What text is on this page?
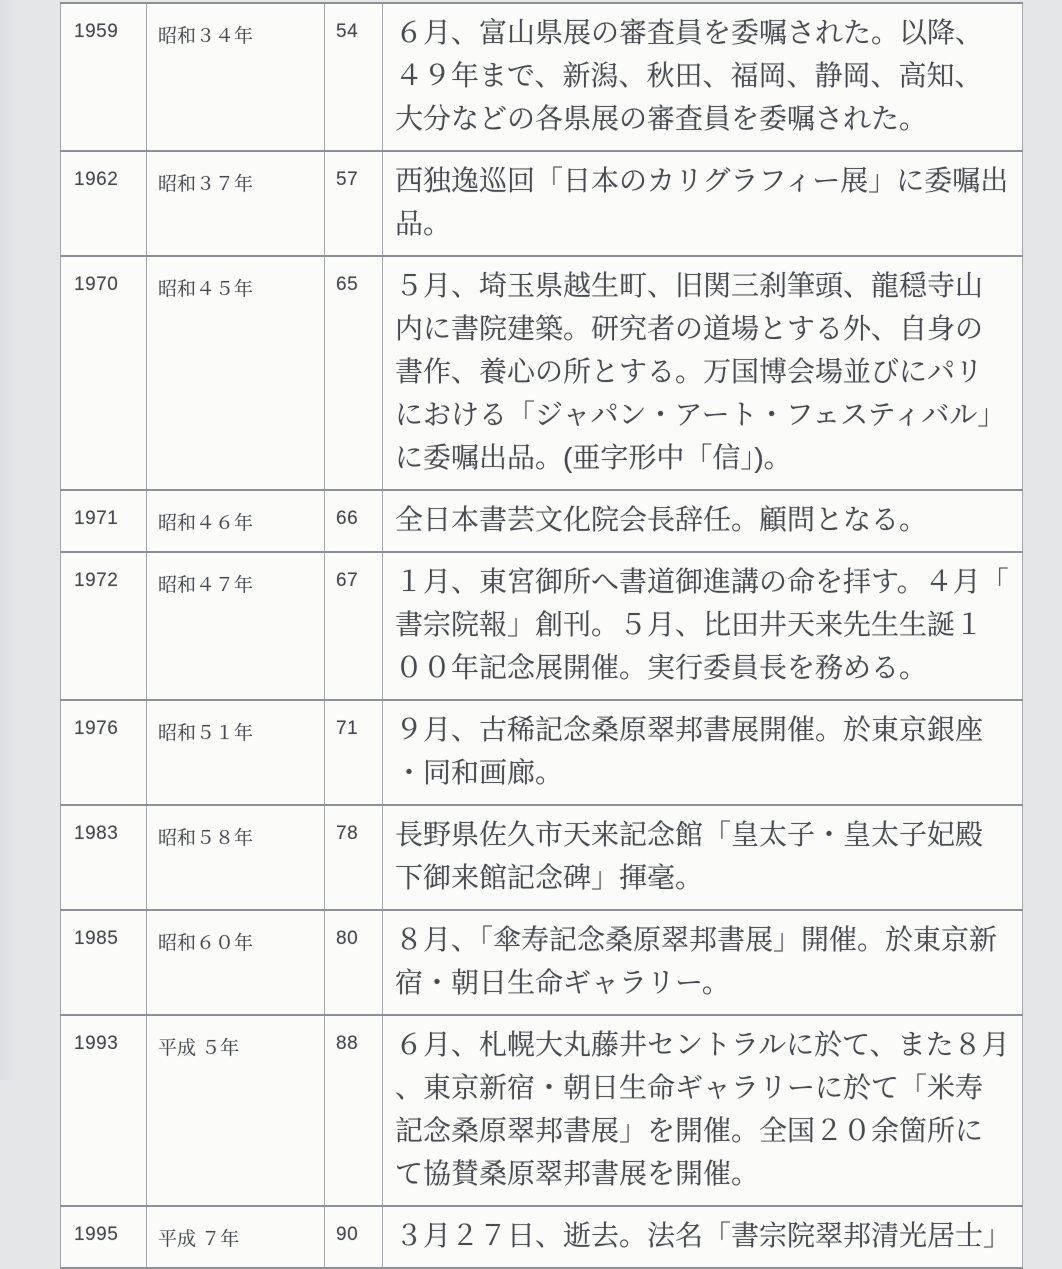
1959	昭和３４年	54	６月、富山県展の審査員を委嘱された。以降、４９年まで、新潟、秋田、福岡、静岡、高知、大分などの各県展の審査員を委嘱された。
1962	昭和３７年	57	西独逸巡回「日本のカリグラフィー展」に委嘱出品。
1970	昭和４５年	65	５月、埼玉県越生町、旧関三刹筆頭、龍穏寺山内に書院建築。研究者の道場とする外、自身の書作、養心の所とする。万国博会場並びにパリにおける「ジャパン・アート・フェスティバル」に委嘱出品。(亜字形中「信」)。
1971	昭和４６年	66	全日本書芸文化院会長辞任。顧問となる。
1972	昭和４７年	67	１月、東宮御所へ書道御進講の命を拝す。４月「書宗院報」創刊。５月、比田井天来先生生誕１００年記念展開催。実行委員長を務める。
1976	昭和５１年	71	９月、古稀記念桑原翠邦書展開催。於東京銀座・同和画廊。
1983	昭和５８年	78	長野県佐久市天来記念館「皇太子・皇太子妃殿下御来館記念碑」揮毫。
1985	昭和６０年	80	８月、「傘寿記念桑原翠邦書展」開催。於東京新宿・朝日生命ギャラリー。
1993	平成 ５年	88	６月、札幌大丸藤井セントラルに於て、また８月、東京新宿・朝日生命ギャラリーに於て「米寿記念桑原翠邦書展」を開催。全国２０余箇所にて協賛桑原翠邦書展を開催。
1995	平成 ７年	90	３月２７日、逝去。法名「書宗院翠邦清光居士」
